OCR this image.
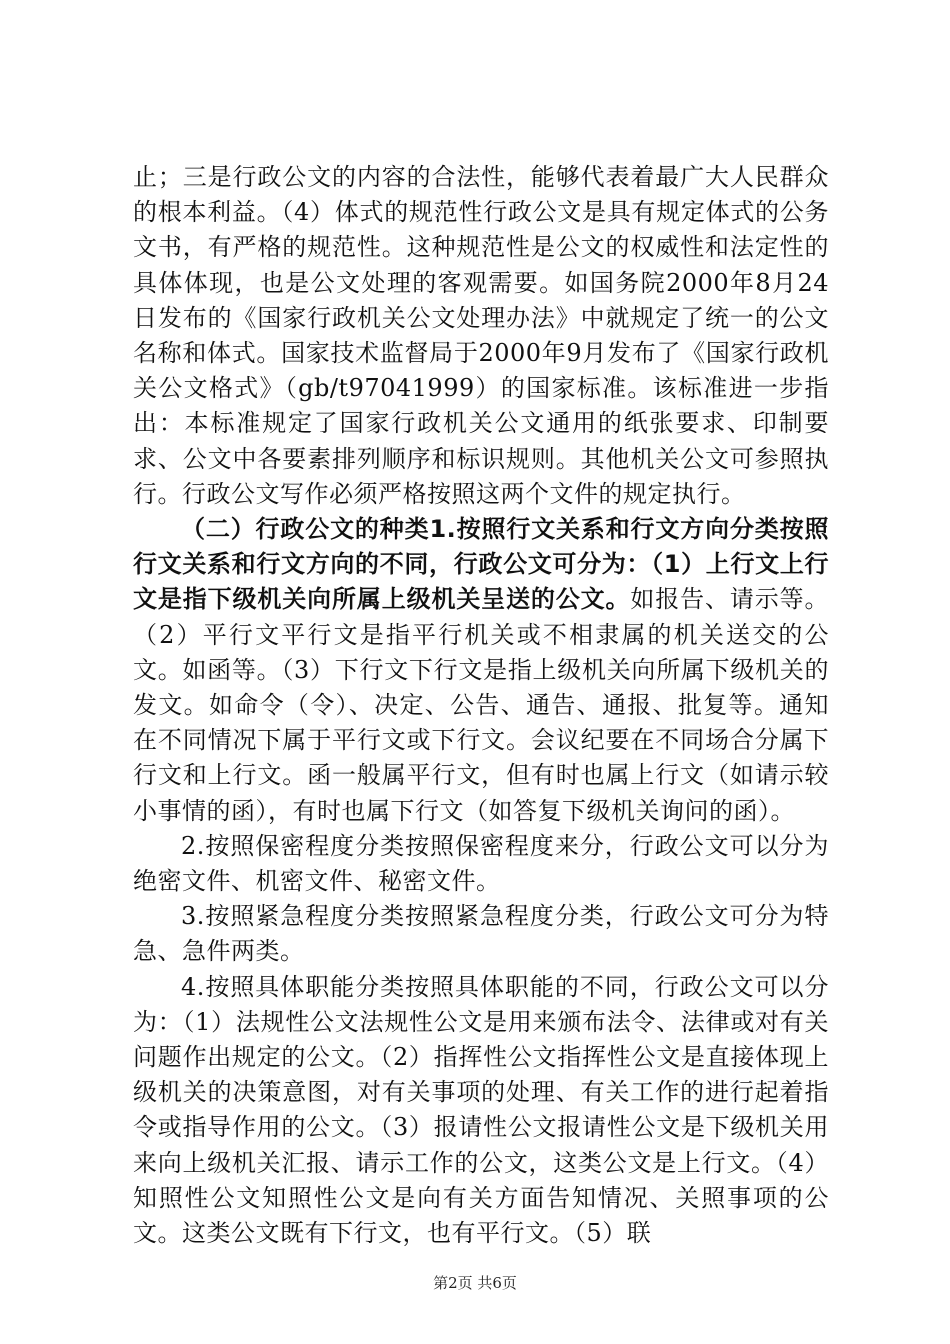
止；三是行政公文的内容的合法性，能够代表着最广大人民群众的根本利益。（4）体式的规范性行政公文是具有规定体式的公务文书，有严格的规范性。这种规范性是公文的权威性和法定性的具体体现，也是公文处理的客观需要。如国务院2000年8月24日发布的《国家行政机关公文处理办法》中就规定了统一的公文名称和体式。国家技术监督局于2000年9月发布了《国家行政机关公文格式》（gb/t97041999）的国家标准。该标准进一步指出：本标准规定了国家行政机关公文通用的纸张要求、印制要求、公文中各要素排列顺序和标识规则。其他机关公文可参照执行。行政公文写作必须严格按照这两个文件的规定执行。

（二）行政公文的种类1.按照行文关系和行文方向分类按照行文关系和行文方向的不同，行政公文可分为：（1）上行文上行文是指下级机关向所属上级机关呈送的公文。如报告、请示等。（2）平行文平行文是指平行机关或不相隶属的机关送交的公文。如函等。（3）下行文下行文是指上级机关向所属下级机关的发文。如命令（令）、决定、公告、通告、通报、批复等。通知在不同情况下属于平行文或下行文。会议纪要在不同场合分属下行文和上行文。函一般属平行文，但有时也属上行文（如请示较小事情的函），有时也属下行文（如答复下级机关询问的函）。

2.按照保密程度分类按照保密程度来分，行政公文可以分为绝密文件、机密文件、秘密文件。

3.按照紧急程度分类按照紧急程度分类，行政公文可分为特急、急件两类。

4.按照具体职能分类按照具体职能的不同，行政公文可以分为：（1）法规性公文法规性公文是用来颁布法令、法律或对有关问题作出规定的公文。（2）指挥性公文指挥性公文是直接体现上级机关的决策意图，对有关事项的处理、有关工作的进行起着指令或指导作用的公文。（3）报请性公文报请性公文是下级机关用来向上级机关汇报、请示工作的公文，这类公文是上行文。（4）知照性公文知照性公文是向有关方面告知情况、关照事项的公文。这类公文既有下行文，也有平行文。（5）联

第2页 共6页
